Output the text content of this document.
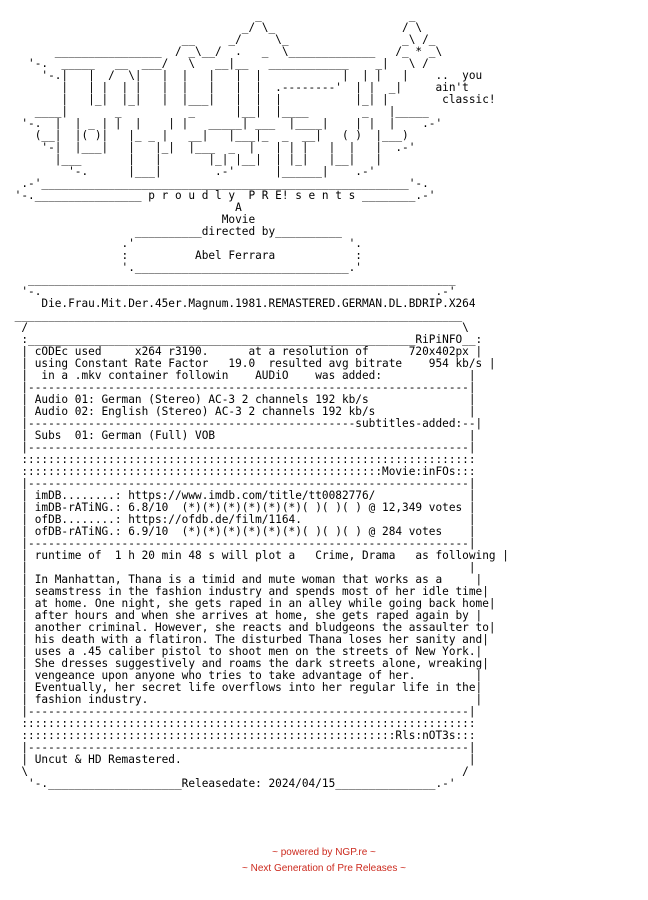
_                      _
_/ \_                   / \
__     _/     \_                 _\ /_
________________  / _\__/  .   _  \_____________   /_ * _\
'-.  _____   __  ___/   \   __|__   ____________    _|   \ /
'-.|   |  /  \|   |  |   |   |  |            |  | |   |    ..  you
|   | |  | |   |  |   |   |  |  .--------'  | |  _|     ain't
|   |_|  |_|   |  |___|   |  |  |           |_| |        classic!
____|       _          _      |__|  |____        _   |_____
'-.  |  | _ | |  |    | |   _____| ___  |____|    | |  |    .-'
(__|  |( )|   |_ _ |   __|   |___|_  _  __|   ( )  |___)
'-|  |___|   |   |_|  |___  _  |   | | |   |  |   |  .-'
|___       |   |       |_| |__|  | |_|   |__|   |
'-.      |___|        .-'      |______|    .-'
.-'_______________________________________________________'-.
'-.________________ p r o u d l y  P R E! s e n t s ________.-'
A
Movie
__________directed by__________
.'                                '.
:          Abel Ferrara            :
'.________________________________.'
________________________________________________________________
'-.                                                           .-'
Die.Frau.Mit.Der.45er.Magnum.1981.REMASTERED.GERMAN.DL.BDRIP.X264
___________________________________________________________________
/                                                                 \
:__________________________________________________________RiPiNFO__:
| cODEc used     x264 r3190.      at a resolution of      720x402px |
| using Constant Rate Factor   19.0  resulted avg bitrate    954 kb/s |
|  in a .mkv container followin    AUDiO    was added:             |
|------------------------------------------------------------------|
| Audio 01: German (Stereo) AC-3 2 channels 192 kb/s               |
| Audio 02: English (Stereo) AC-3 2 channels 192 kb/s              |
|-------------------------------------------------subtitles-added:--|
| Subs  01: German (Full) VOB                                      |
|------------------------------------------------------------------|
::::::::::::::::::::::::::::::::::::::::::::::::::::::::::::::::::::
::::::::::::::::::::::::::::::::::::::::::::::::::::::Movie:inFOs:::
|------------------------------------------------------------------|
| imDB........: https://www.imdb.com/title/tt0082776/              |
| imDB-rATiNG.: 6.8/10  (*)(*)(*)(*)(*)(*)( )( )( ) @ 12,349 votes |
| ofDB........: https://ofdb.de/film/1164.                         |
| ofDB-rATiNG.: 6.9/10  (*)(*)(*)(*)(*)(*)( )( )( ) @ 284 votes    |
|------------------------------------------------------------------|
| runtime of  1 h 20 min 48 s will plot a   Crime, Drama   as following |
|                                                                  |
| In Manhattan, Thana is a timid and mute woman that works as a     |
| seamstress in the fashion industry and spends most of her idle time|
| at home. One night, she gets raped in an alley while going back home|
| after hours and when she arrives at home, she gets raped again by |
| another criminal. However, she reacts and bludgeons the assaulter to|
| his death with a flatiron. The disturbed Thana loses her sanity and|
| uses a .45 caliber pistol to shoot men on the streets of New York.|
| She dresses suggestively and roams the dark streets alone, wreaking|
| vengeance upon anyone who tries to take advantage of her.         |
| Eventually, her secret life overflows into her regular life in the|
| fashion industry.                                                 |
|------------------------------------------------------------------|
::::::::::::::::::::::::::::::::::::::::::::::::::::::::::::::::::::
::::::::::::::::::::::::::::::::::::::::::::::::::::::::Rls:nOT3s:::
|------------------------------------------------------------------|
| Uncut & HD Remastered.                                           |
\                                                                 /
'-.____________________Releasedate: 2024/04/15_______________.-'
~ powered by NGP.re ~
~ Next Generation of Pre Releases ~
